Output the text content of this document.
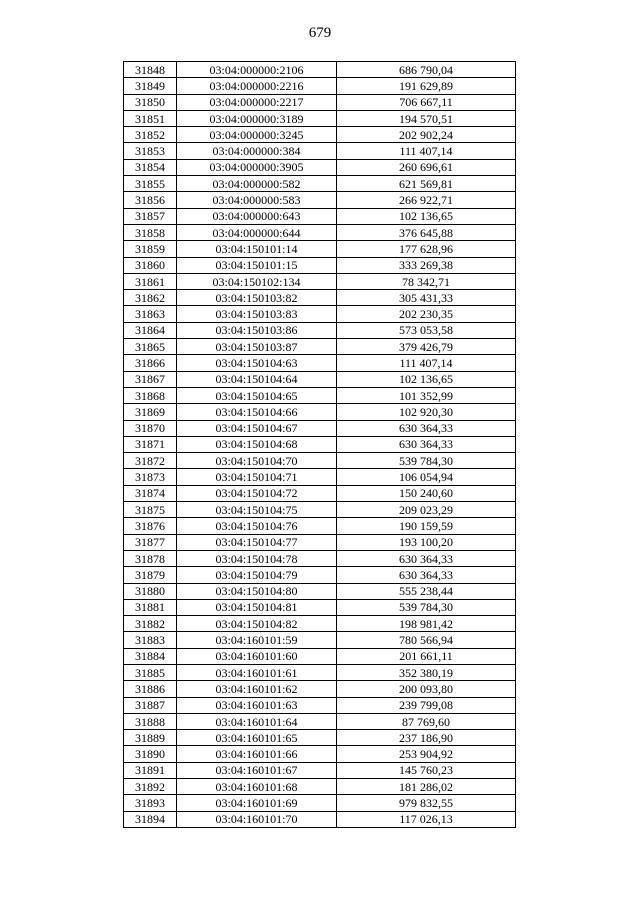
679
31848	03:04:000000:2106	686 790,04
31849	03:04:000000:2216	191 629,89
31850	03:04:000000:2217	706 667,11
31851	03:04:000000:3189	194 570,51
31852	03:04:000000:3245	202 902,24
31853	03:04:000000:384	111 407,14
31854	03:04:000000:3905	260 696,61
31855	03:04:000000:582	621 569,81
31856	03:04:000000:583	266 922,71
31857	03:04:000000:643	102 136,65
31858	03:04:000000:644	376 645,88
31859	03:04:150101:14	177 628,96
31860	03:04:150101:15	333 269,38
31861	03:04:150102:134	78 342,71
31862	03:04:150103:82	305 431,33
31863	03:04:150103:83	202 230,35
31864	03:04:150103:86	573 053,58
31865	03:04:150103:87	379 426,79
31866	03:04:150104:63	111 407,14
31867	03:04:150104:64	102 136,65
31868	03:04:150104:65	101 352,99
31869	03:04:150104:66	102 920,30
31870	03:04:150104:67	630 364,33
31871	03:04:150104:68	630 364,33
31872	03:04:150104:70	539 784,30
31873	03:04:150104:71	106 054,94
31874	03:04:150104:72	150 240,60
31875	03:04:150104:75	209 023,29
31876	03:04:150104:76	190 159,59
31877	03:04:150104:77	193 100,20
31878	03:04:150104:78	630 364,33
31879	03:04:150104:79	630 364,33
31880	03:04:150104:80	555 238,44
31881	03:04:150104:81	539 784,30
31882	03:04:150104:82	198 981,42
31883	03:04:160101:59	780 566,94
31884	03:04:160101:60	201 661,11
31885	03:04:160101:61	352 380,19
31886	03:04:160101:62	200 093,80
31887	03:04:160101:63	239 799,08
31888	03:04:160101:64	87 769,60
31889	03:04:160101:65	237 186,90
31890	03:04:160101:66	253 904,92
31891	03:04:160101:67	145 760,23
31892	03:04:160101:68	181 286,02
31893	03:04:160101:69	979 832,55
31894	03:04:160101:70	117 026,13
